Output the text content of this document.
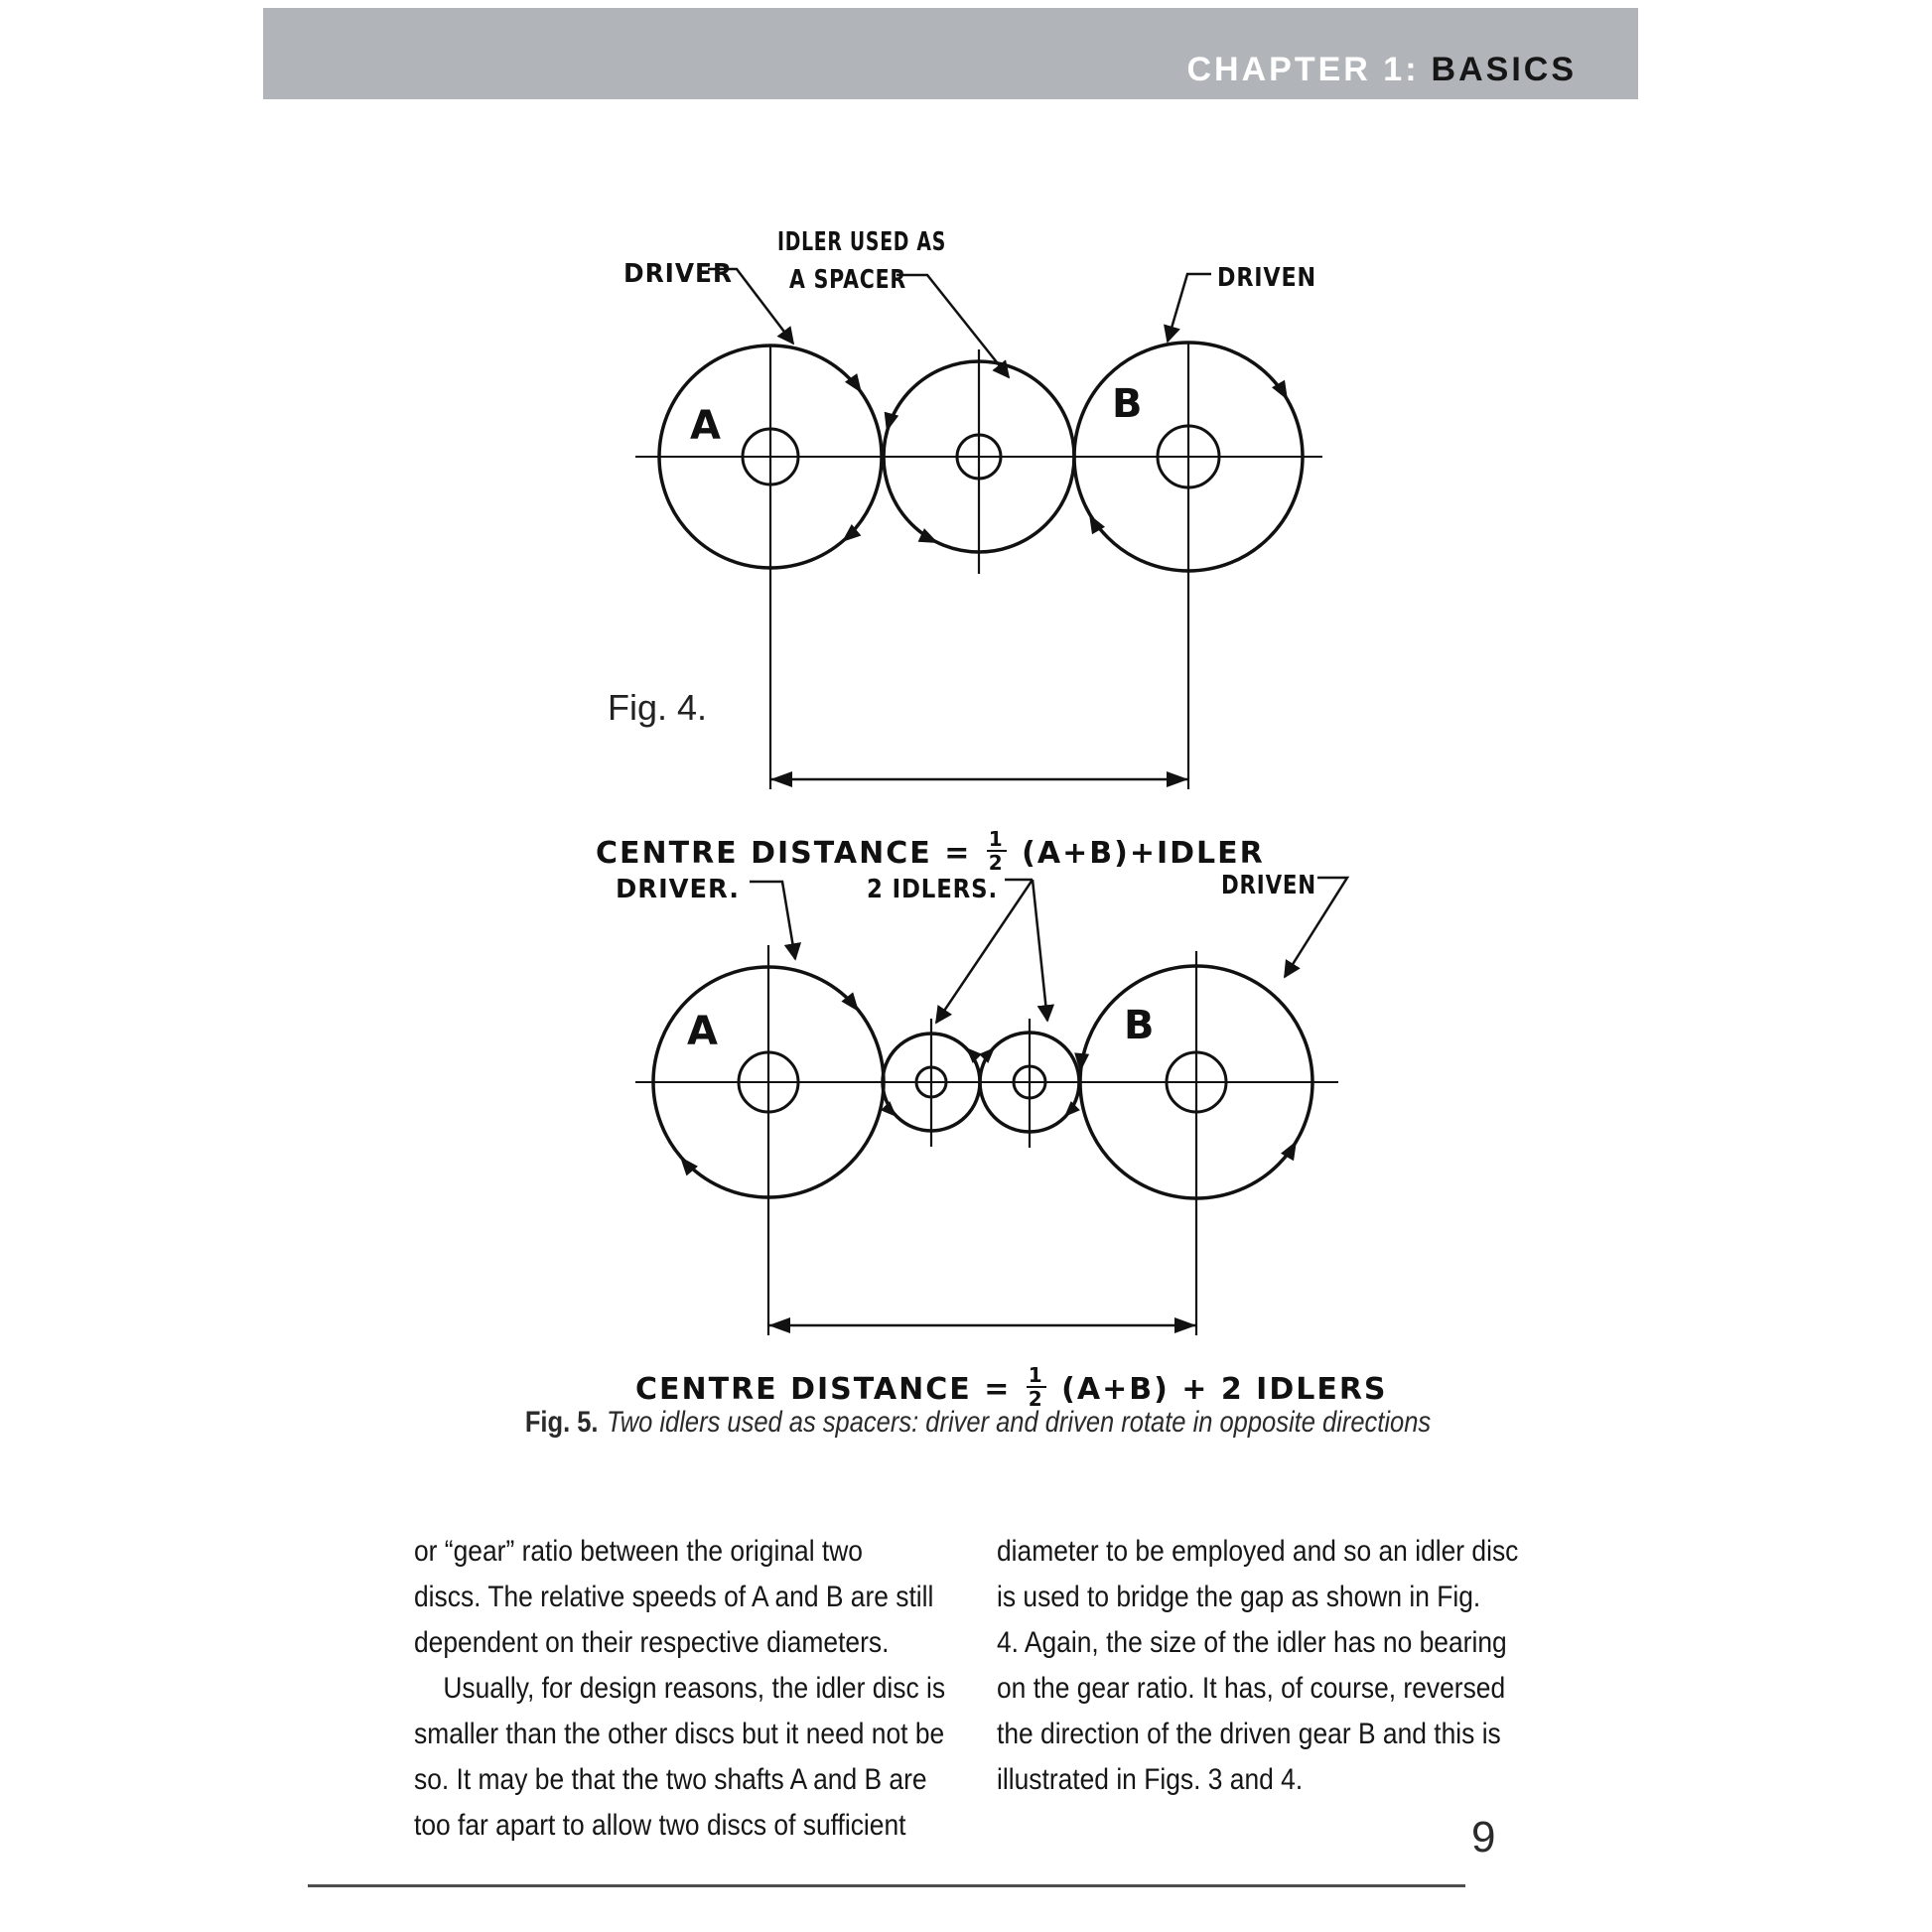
CHAPTER 1: BASICS
DRIVER
IDLER USED AS
A SPACER	DRIVEN
A	B
Fig. 4.
CENTRE DISTANCE = $\frac{1}{2}$ (A+B)+IDLER
DRIVER.	2 IDLERS.	DRIVEN
A	B
CENTRE DISTANCE = $\frac{1}{2} (A+B) + 2$ IDLERS
Fig. 5. Two idlers used as spacers: driver and driven rotate in opposite directions
or “gear” ratio between the original two
discs. The relative speeds of A and B are still
dependent on their respective diameters.
Usually, for design reasons, the idler disc is
smaller than the other discs but it need not be
so. It may be that the two shafts A and B are
too far apart to allow two discs of sufficient
diameter to be employed and so an idler disc
is used to bridge the gap as shown in Fig.
4. Again, the size of the idler has no bearing
on the gear ratio. It has, of course, reversed
the direction of the driven gear B and this is
illustrated in Figs. 3 and 4.
9
